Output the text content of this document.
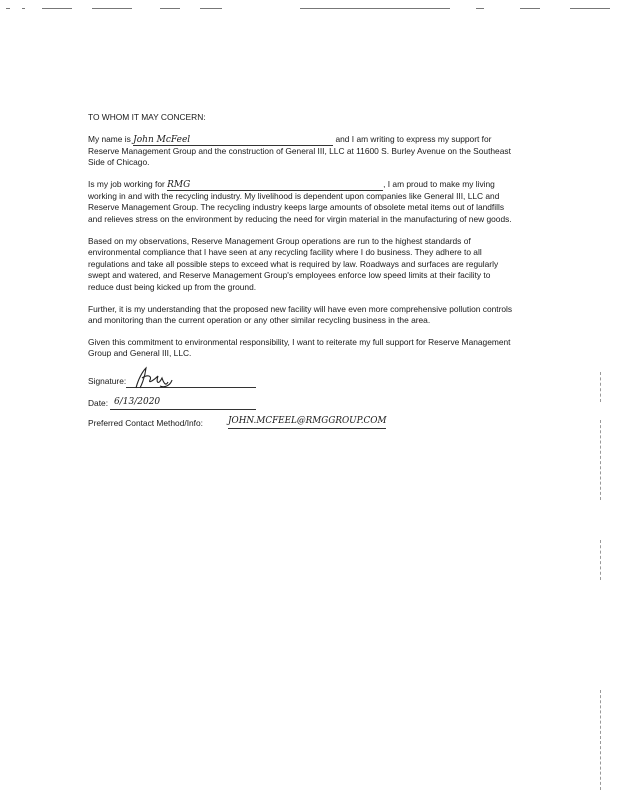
TO WHOM IT MAY CONCERN:

My name is John McFeel	and I am writing to express my support for Reserve Management Group and the construction of General III, LLC at 11600 S. Burley Avenue on the Southeast Side of Chicago.

Is my job working for RMG	, I am proud to make my living working in and with the recycling industry. My livelihood is dependent upon companies like General III, LLC and Reserve Management Group. The recycling industry keeps large amounts of obsolete metal items out of landfills and relieves stress on the environment by reducing the need for virgin material in the manufacturing of new goods.

Based on my observations, Reserve Management Group operations are run to the highest standards of environmental compliance that I have seen at any recycling facility where I do business. They adhere to all regulations and take all possible steps to exceed what is required by law. Roadways and surfaces are regularly swept and watered, and Reserve Management Group's employees enforce low speed limits at their facility to reduce dust being kicked up from the ground.

Further, it is my understanding that the proposed new facility will have even more comprehensive pollution controls and monitoring than the current operation or any other similar recycling business in the area.

Given this commitment to environmental responsibility, I want to reiterate my full support for Reserve Management Group and General III, LLC.

Signature:
Date: 6/13/2020
Preferred Contact Method/Info:	JOHN.MCFEEL@RMGGROUP.COM
